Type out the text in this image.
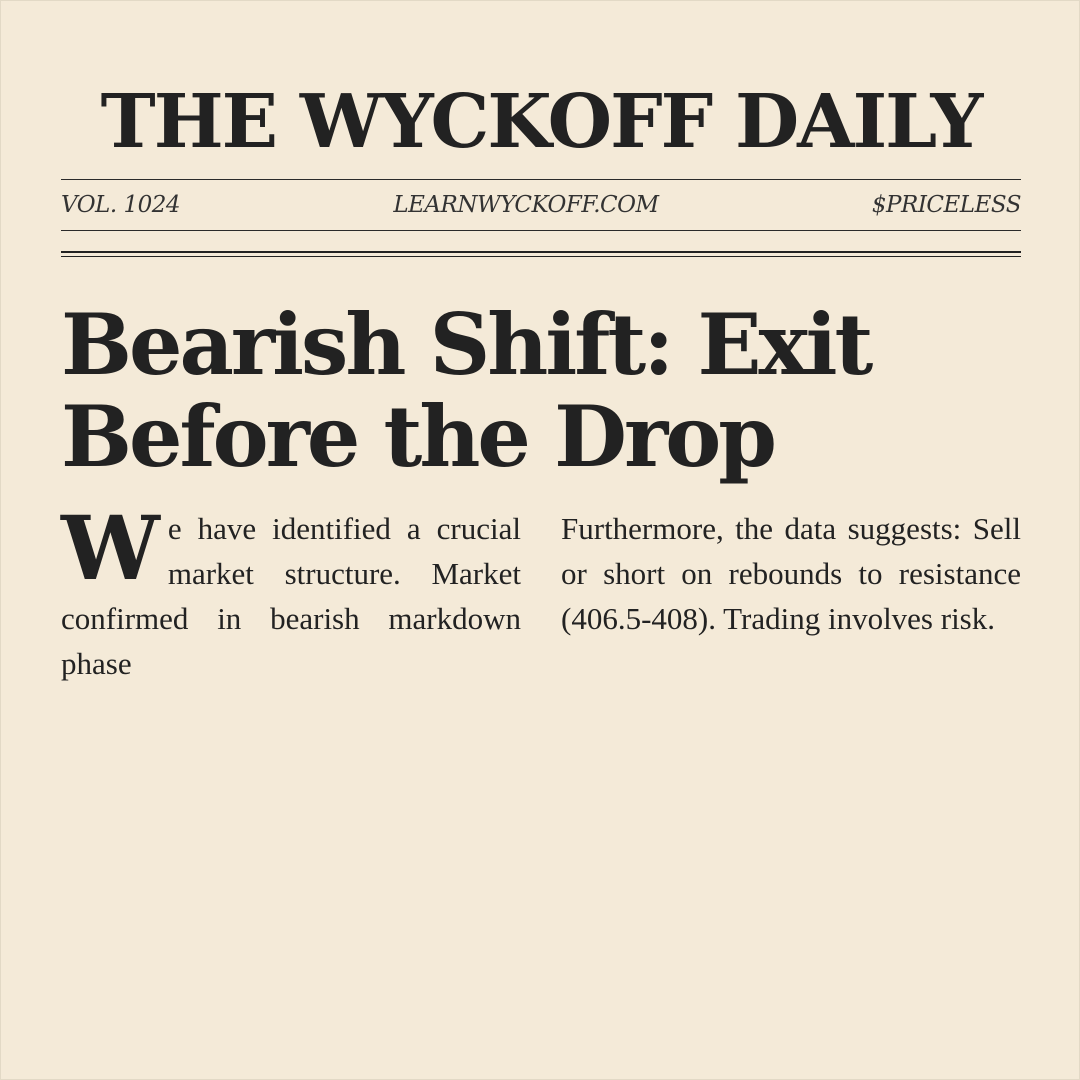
THE WYCKOFF DAILY
VOL. 1024	LEARNWYCKOFF.COM	$PRICELESS
Bearish Shift: Exit Before the Drop

We have identified a crucial market structure. Market confirmed in bearish markdown phase

Furthermore, the data suggests: Sell or short on rebounds to resistance (406.5-408). Trading involves risk.
